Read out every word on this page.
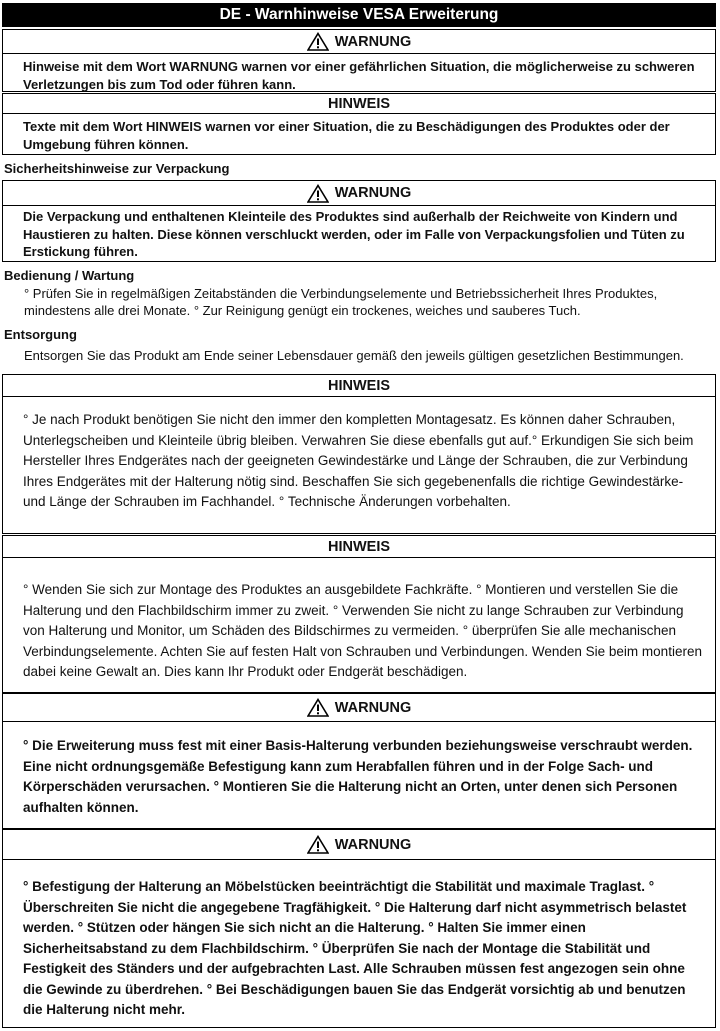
DE - Warnhinweise VESA Erweiterung
WARNUNG
Hinweise mit dem Wort WARNUNG warnen vor einer gefährlichen Situation, die möglicherweise zu schweren Verletzungen bis zum Tod oder führen kann.
HINWEIS
Texte mit dem Wort HINWEIS warnen vor einer Situation, die zu Beschädigungen des Produktes oder der Umgebung führen können.
Sicherheitshinweise zur Verpackung
WARNUNG
Die Verpackung und enthaltenen Kleinteile des Produktes sind außerhalb der Reichweite von Kindern und Haustieren zu halten. Diese können verschluckt werden, oder im Falle von Verpackungsfolien und Tüten zu Erstickung führen.
Bedienung / Wartung
° Prüfen Sie in regelmäßigen Zeitabständen die Verbindungselemente und Betriebssicherheit Ihres Produktes, mindestens alle drei Monate. ° Zur Reinigung genügt ein trockenes, weiches und sauberes Tuch.
Entsorgung
Entsorgen Sie das Produkt am Ende seiner Lebensdauer gemäß den jeweils gültigen gesetzlichen Bestimmungen.
HINWEIS
° Je nach Produkt benötigen Sie nicht den immer den kompletten Montagesatz. Es können daher Schrauben, Unterlegscheiben und Kleinteile übrig bleiben. Verwahren Sie diese ebenfalls gut auf.° Erkundigen Sie sich beim Hersteller Ihres Endgerätes nach der geeigneten Gewindestärke und Länge der Schrauben, die zur Verbindung Ihres Endgerätes mit der Halterung nötig sind. Beschaffen Sie sich gegebenenfalls die richtige Gewindestärke- und Länge der Schrauben im Fachhandel. ° Technische Änderungen vorbehalten.
HINWEIS
° Wenden Sie sich zur Montage des Produktes an ausgebildete Fachkräfte. ° Montieren und verstellen Sie die Halterung und den Flachbildschirm immer zu zweit. ° Verwenden Sie nicht zu lange Schrauben zur Verbindung von Halterung und Monitor, um Schäden des Bildschirmes zu vermeiden. ° überprüfen Sie alle mechanischen Verbindungselemente. Achten Sie auf festen Halt von Schrauben und Verbindungen. Wenden Sie beim montieren dabei keine Gewalt an. Dies kann Ihr Produkt oder Endgerät beschädigen.
WARNUNG
° Die Erweiterung muss fest mit einer Basis-Halterung verbunden beziehungsweise verschraubt werden. Eine nicht ordnungsgemäße Befestigung kann zum Herabfallen führen und in der Folge Sach- und Körperschäden verursachen. ° Montieren Sie die Halterung nicht an Orten, unter denen sich Personen aufhalten können.
WARNUNG
° Befestigung der Halterung an Möbelstücken beeinträchtigt die Stabilität und maximale Traglast. ° Überschreiten Sie nicht die angegebene Tragfähigkeit. ° Die Halterung darf nicht asymmetrisch belastet werden. ° Stützen oder hängen Sie sich nicht an die Halterung. ° Halten Sie immer einen Sicherheitsabstand zu dem Flachbildschirm. ° Überprüfen Sie nach der Montage die Stabilität und Festigkeit des Ständers und der aufgebrachten Last. Alle Schrauben müssen fest angezogen sein ohne die Gewinde zu überdrehen. ° Bei Beschädigungen bauen Sie das Endgerät vorsichtig ab und benutzen die Halterung nicht mehr.
